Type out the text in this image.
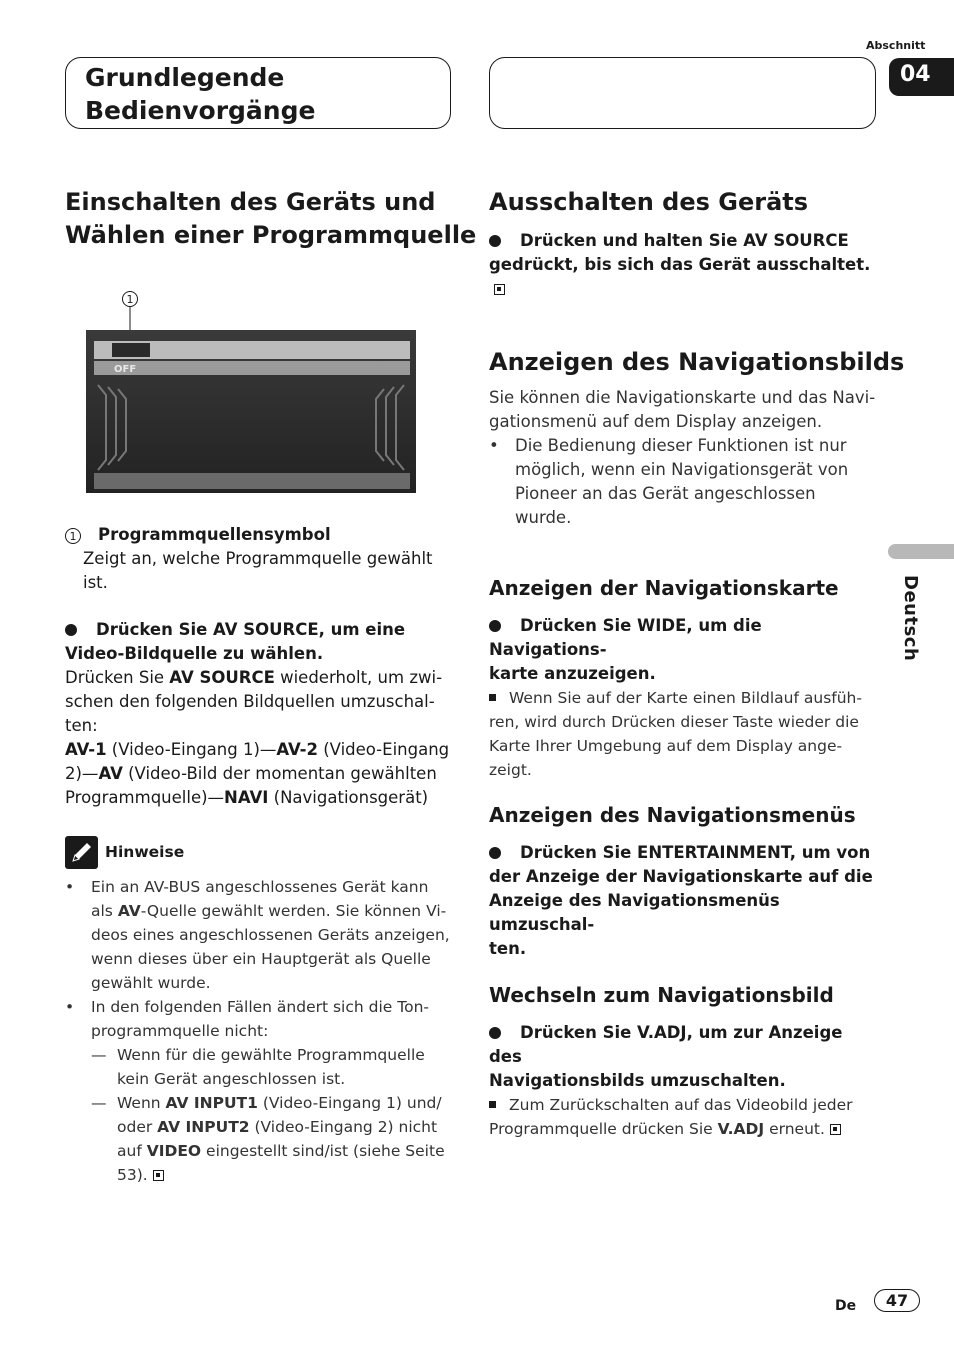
Abschnitt
04
Grundlegende
Bedienvorgänge
Deutsch
Einschalten des Geräts und
Wählen einer Programmquelle
1
OFF

1 Programmquellensymbol

Zeigt an, welche Programmquelle gewählt ist.

Drücken Sie AV SOURCE, um eine

Video-Bildquelle zu wählen.

Drücken Sie AV SOURCE wiederholt, um zwi-

schen den folgenden Bildquellen umzuschal-

ten:

AV-1 (Video-Eingang 1)—AV-2 (Video-Eingang

2)—AV (Video-Bild der momentan gewählten

Programmquelle)—NAVI (Navigationsgerät)

Hinweise
•	Ein an AV-BUS angeschlossenes Gerät kann

als AV-Quelle gewählt werden. Sie können Vi-

deos eines angeschlossenen Geräts anzeigen,

wenn dieses über ein Hauptgerät als Quelle

gewählt wurde.

•	In den folgenden Fällen ändert sich die Ton-

programmquelle nicht:

— Wenn für die gewählte Programmquelle

kein Gerät angeschlossen ist.

— Wenn AV INPUT1 (Video-Eingang 1) und/

oder AV INPUT2 (Video-Eingang 2) nicht

auf VIDEO eingestellt sind/ist (siehe Seite

53).

Ausschalten des Geräts

Drücken und halten Sie AV SOURCE

gedrückt, bis sich das Gerät ausschaltet.

Anzeigen des Navigationsbilds

Sie können die Navigationskarte und das Navi-

gationsmenü auf dem Display anzeigen.

• Die Bedienung dieser Funktionen ist nur

möglich, wenn ein Navigationsgerät von

Pioneer an das Gerät angeschlossen

wurde.

Anzeigen der Navigationskarte

Drücken Sie WIDE, um die Navigations-

karte anzuzeigen.

Wenn Sie auf der Karte einen Bildlauf ausfüh-

ren, wird durch Drücken dieser Taste wieder die

Karte Ihrer Umgebung auf dem Display ange-

zeigt.

Anzeigen des Navigationsmenüs

Drücken Sie ENTERTAINMENT, um von

der Anzeige der Navigationskarte auf die

Anzeige des Navigationsmenüs umzuschal-

ten.

Wechseln zum Navigationsbild

Drücken Sie V.ADJ, um zur Anzeige des

Navigationsbilds umzuschalten.

Zum Zurückschalten auf das Videobild jeder

Programmquelle drücken Sie V.ADJ erneut.

De	47
